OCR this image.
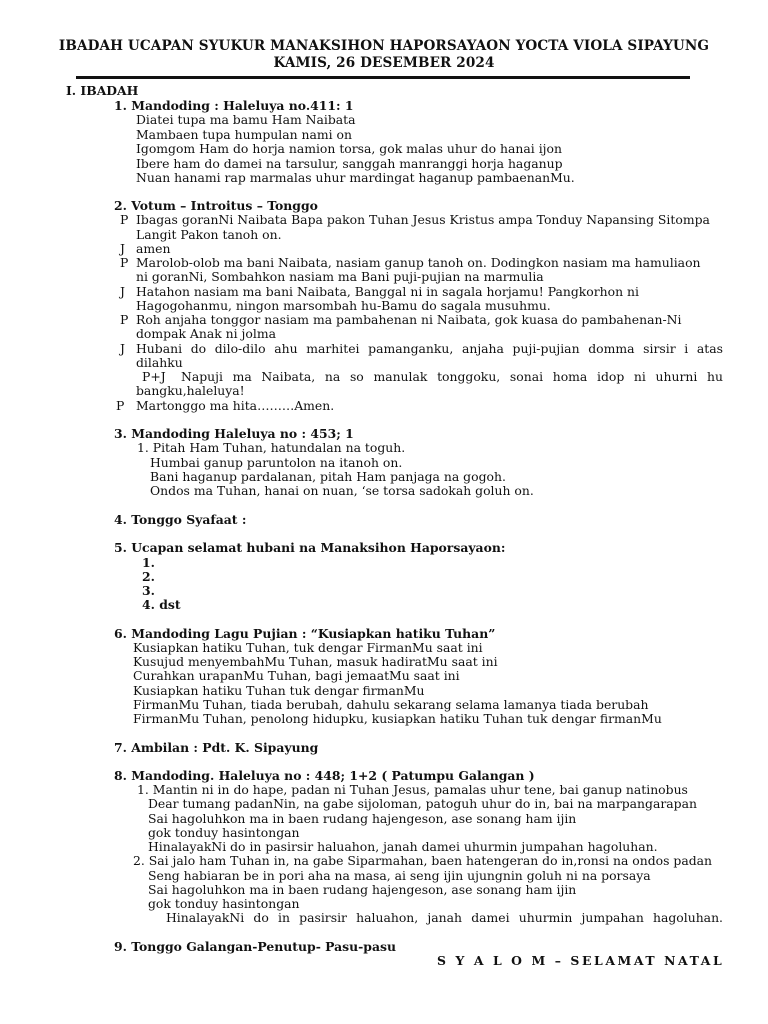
IBADAH UCAPAN SYUKUR MANAKSIHON HAPORSAYAON YOCTA VIOLA SIPAYUNG
KAMIS, 26 DESEMBER 2024
I. IBADAH
1. Mandoding : Haleluya no.411: 1
Diatei tupa ma bamu Ham Naibata
Mambaen tupa humpulan nami on
Igomgom Ham do horja namion torsa, gok malas uhur do hanai ijon
Ibere ham do damei na tarsulur, sanggah manranggi horja haganup
Nuan hanami rap marmalas uhur mardingat haganup pambaenanMu.
2. Votum – Introitus – Tonggo
P Ibagas goranNi Naibata Bapa pakon Tuhan Jesus Kristus ampa Tonduy Napansing Sitompa
Langit Pakon tanoh on.
J amen
P Marolob-olob ma bani Naibata, nasiam ganup tanoh on. Dodingkon nasiam ma hamuliaon
ni goranNi, Sombahkon nasiam ma Bani puji-pujian na marmulia
J Hatahon nasiam ma bani Naibata, Banggal ni in sagala horjamu! Pangkorhon ni
Hagogohanmu, ningon marsombah hu-Bamu do sagala musuhmu.
P Roh anjaha tonggor nasiam ma pambahenan ni Naibata, gok kuasa do pambahenan-Ni
dompak Anak ni jolma
J Hubani do dilo-dilo ahu marhitei pamanganku, anjaha puji-pujian domma sirsir i atas
dilahku
P+J Napuji ma Naibata, na so manulak tonggoku, sonai homa idop ni uhurni hu
bangku,haleluya!
P Martonggo ma hita………Amen.
3. Mandoding Haleluya no : 453; 1
1. Pitah Ham Tuhan, hatundalan na toguh.
Humbai ganup paruntolon na itanoh on.
Bani haganup pardalanan, pitah Ham panjaga na gogoh.
Ondos ma Tuhan, hanai on nuan, ‘se torsa sadokah goluh on.
4. Tonggo Syafaat :
5. Ucapan selamat hubani na Manaksihon Haporsayaon:
1.
2.
3.
4. dst
6. Mandoding Lagu Pujian : “Kusiapkan hatiku Tuhan”
Kusiapkan hatiku Tuhan, tuk dengar FirmanMu saat ini
Kusujud menyembahMu Tuhan, masuk hadiratMu saat ini
Curahkan urapanMu Tuhan, bagi jemaatMu saat ini
Kusiapkan hatiku Tuhan tuk dengar firmanMu
FirmanMu Tuhan, tiada berubah, dahulu sekarang selama lamanya tiada berubah
FirmanMu Tuhan, penolong hidupku, kusiapkan hatiku Tuhan tuk dengar firmanMu
7. Ambilan : Pdt. K. Sipayung
8. Mandoding. Haleluya no : 448; 1+2 ( Patumpu Galangan )
1. Mantin ni in do hape, padan ni Tuhan Jesus, pamalas uhur tene, bai ganup natinobus
Dear tumang padanNin, na gabe sijoloman, patoguh uhur do in, bai na marpangarapan
Sai hagoluhkon ma in baen rudang hajengeson, ase sonang ham ijin
gok tonduy hasintongan
HinalayakNi do in pasirsir haluahon, janah damei uhurmin jumpahan hagoluhan.
2. Sai jalo ham Tuhan in, na gabe Siparmahan, baen hatengeran do in,ronsi na ondos padan
Seng habiaran be in pori aha na masa, ai seng ijin ujungnin goluh ni na porsaya
Sai hagoluhkon ma in baen rudang hajengeson, ase sonang ham ijin
gok tonduy hasintongan
HinalayakNi do in pasirsir haluahon, janah damei uhurmin jumpahan hagoluhan.
9. Tonggo Galangan-Penutup- Pasu-pasu
S Y A L O M – SELAMAT NATAL
